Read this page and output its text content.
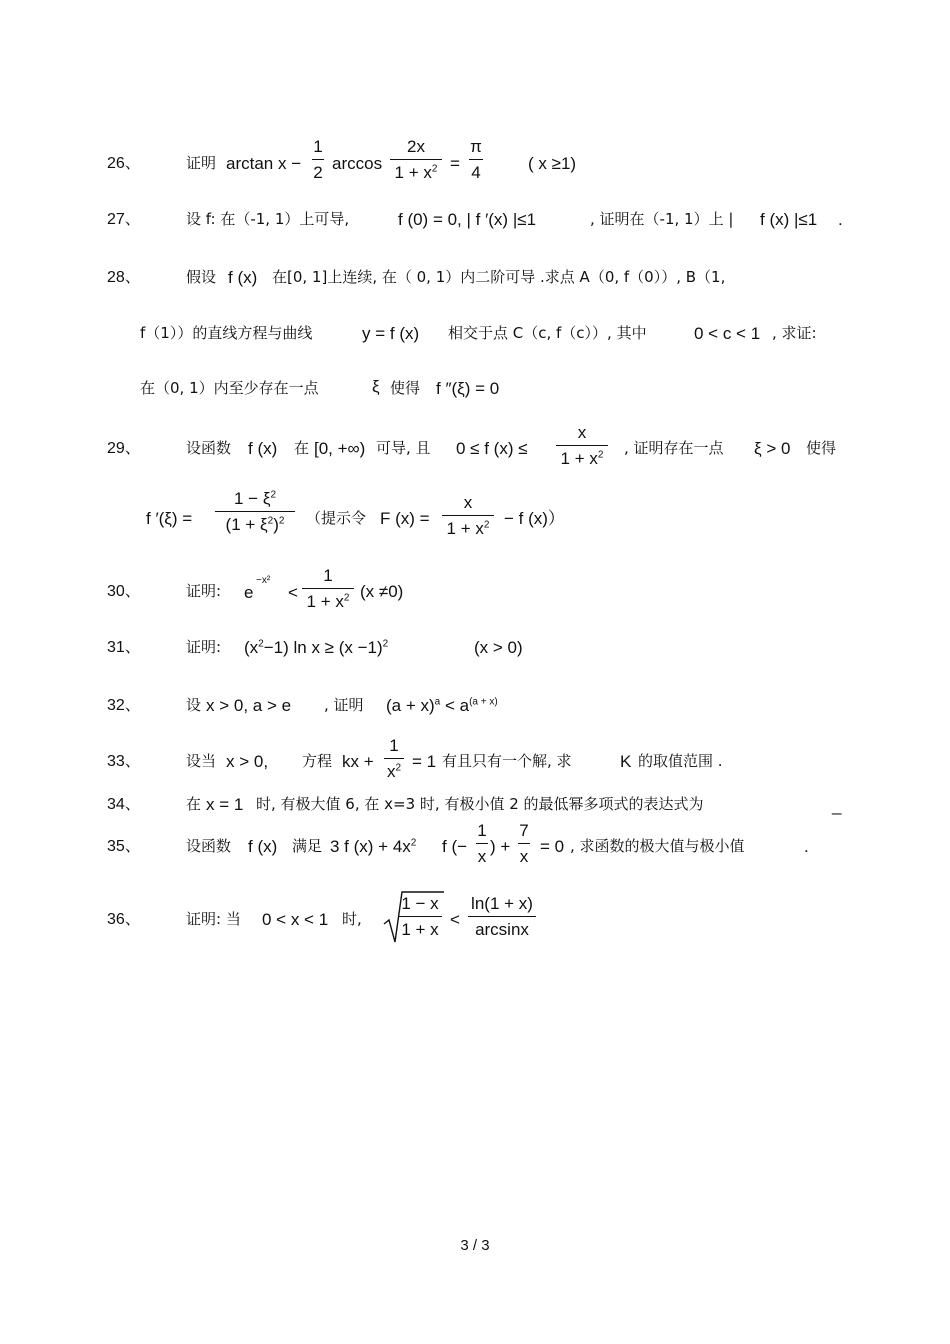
26、	证明 arctan x −
1
2 arccos
2x
$1 + x^2$ =
π
4	( x ≥1)
27、	设 f: 在（-1, 1）上可导,	f (0) = 0, | f ′(x) |≤1	, 证明在（-1, 1）上 | f (x) |≤1 .
28、	假设 f (x) 在[0, 1]上连续, 在（ 0, 1）内二阶可导 .求点 A（0, f（0））, B（1,
f（1））的直线方程与曲线	y = f (x) 相交于点 C（c, f（c））, 其中	0 < c < 1 , 求证:
在（0, 1）内至少存在一点	ξ 使得 f ″(ξ) = 0
29、	设函数 f (x) 在 [0, +∞) 可导, 且 0 ≤ f (x) ≤
x
$1 + x^2$ , 证明存在一点 ξ > 0 使得
f ′(ξ) =
$1 - \xi^2$
$(1 + \xi^2)^2$ （提示令 F (x) =
x
$1 + x^2 - f$ (x)）
30、	证明: e
−x²
<
1
$1 + x^2$ (x ≠0)
31、	证明: $(x^2-1)$ $\ln x \ge (x -1)^2$	(x > 0)
32、	设 x > 0, a > e , 证明 $(a + x)^a < a^{(a + x)}$
33、	设当 x > 0, 方程 kx +
1
$x^2 = 1$ 有且只有一个解, 求	K 的取值范围 .
34、	在 x = 1 时, 有极大值 6, 在 x=3 时, 有极小值 2 的最低幂多项式的表达式为	_
35、	设函数 f (x) 满足 3 f $(x) + 4x^2$ f (−
1
x
) +
7
x
= 0 , 求函数的极大值与极小值	.
36、	证明: 当 0 < x < 1 时,
1 − x
1 + x
<
ln(1 + x)
arcsinx
3 / 3
